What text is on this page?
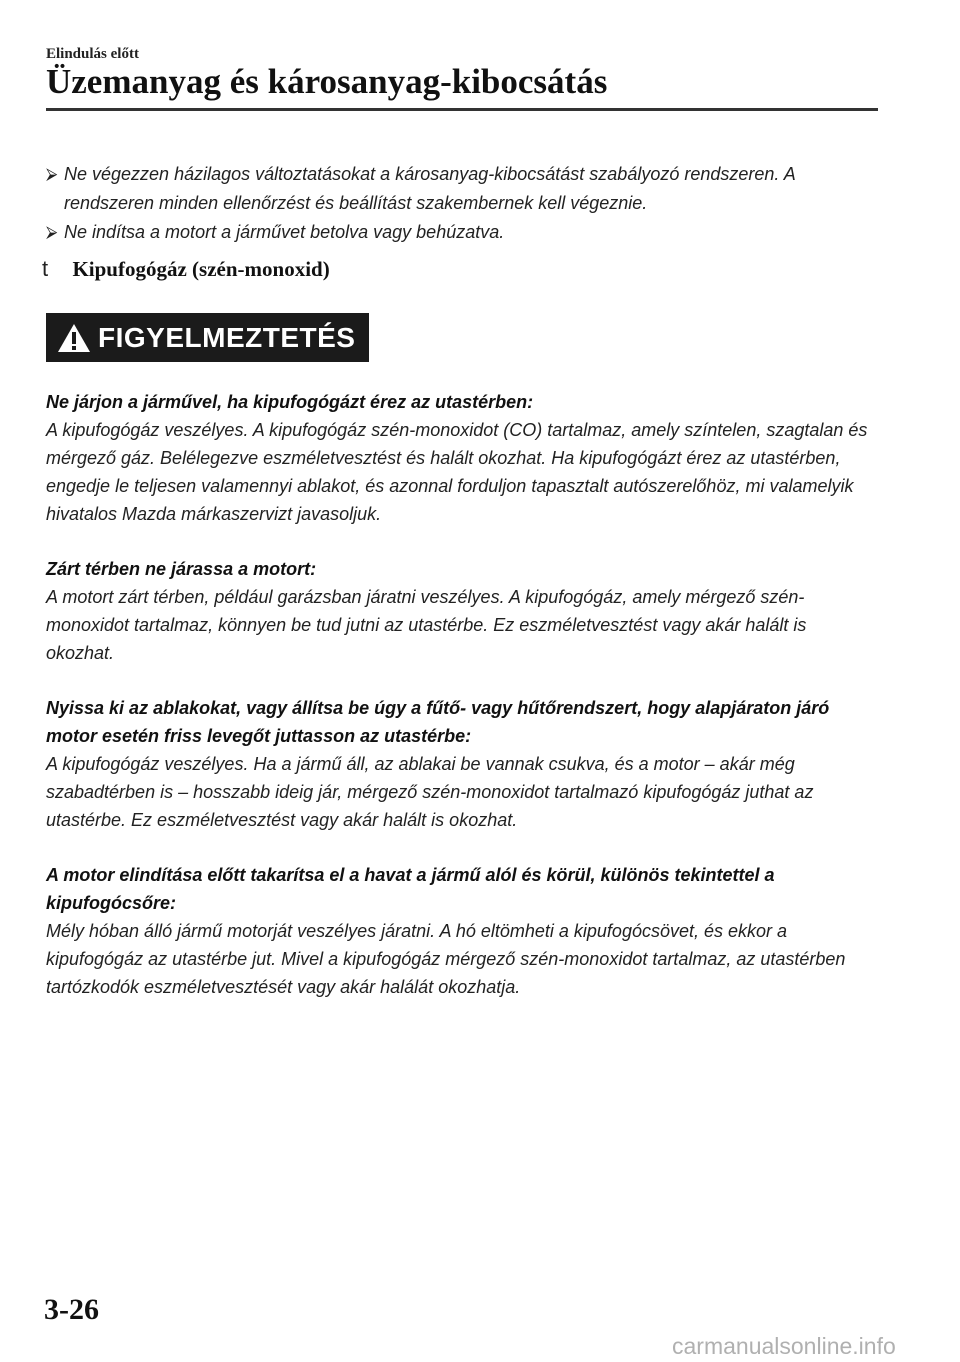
Elindulás előtt
Üzemanyag és károsanyag-kibocsátás
⮚ Ne végezzen házilagos változtatásokat a károsanyag-kibocsátást szabályozó rendszeren. A rendszeren minden ellenőrzést és beállítást szakembernek kell végeznie.
⮚ Ne indítsa a motort a járművet betolva vagy behúzatva.
t Kipufogógáz (szén-monoxid)
FIGYELMEZTETÉS

Ne járjon a járművel, ha kipufogógázt érez az utastérben:

A kipufogógáz veszélyes. A kipufogógáz szén-monoxidot (CO) tartalmaz, amely színtelen, szagtalan és mérgező gáz. Belélegezve eszméletvesztést és halált okozhat. Ha kipufogógázt érez az utastérben, engedje le teljesen valamennyi ablakot, és azonnal forduljon tapasztalt autószerelőhöz, mi valamelyik hivatalos Mazda márkaszervizt javasoljuk.

Zárt térben ne járassa a motort:

A motort zárt térben, például garázsban járatni veszélyes. A kipufogógáz, amely mérgező szén-monoxidot tartalmaz, könnyen be tud jutni az utastérbe. Ez eszméletvesztést vagy akár halált is okozhat.

Nyissa ki az ablakokat, vagy állítsa be úgy a fűtő- vagy hűtőrendszert, hogy alapjáraton járó motor esetén friss levegőt juttasson az utastérbe:

A kipufogógáz veszélyes. Ha a jármű áll, az ablakai be vannak csukva, és a motor – akár még szabadtérben is – hosszabb ideig jár, mérgező szén-monoxidot tartalmazó kipufogógáz juthat az utastérbe. Ez eszméletvesztést vagy akár halált is okozhat.

A motor elindítása előtt takarítsa el a havat a jármű alól és körül, különös tekintettel a kipufogócsőre:

Mély hóban álló jármű motorját veszélyes járatni. A hó eltömheti a kipufogócsövet, és ekkor a kipufogógáz az utastérbe jut. Mivel a kipufogógáz mérgező szén-monoxidot tartalmaz, az utastérben tartózkodók eszméletvesztését vagy akár halálát okozhatja.

3-26
carmanualsonline.info
